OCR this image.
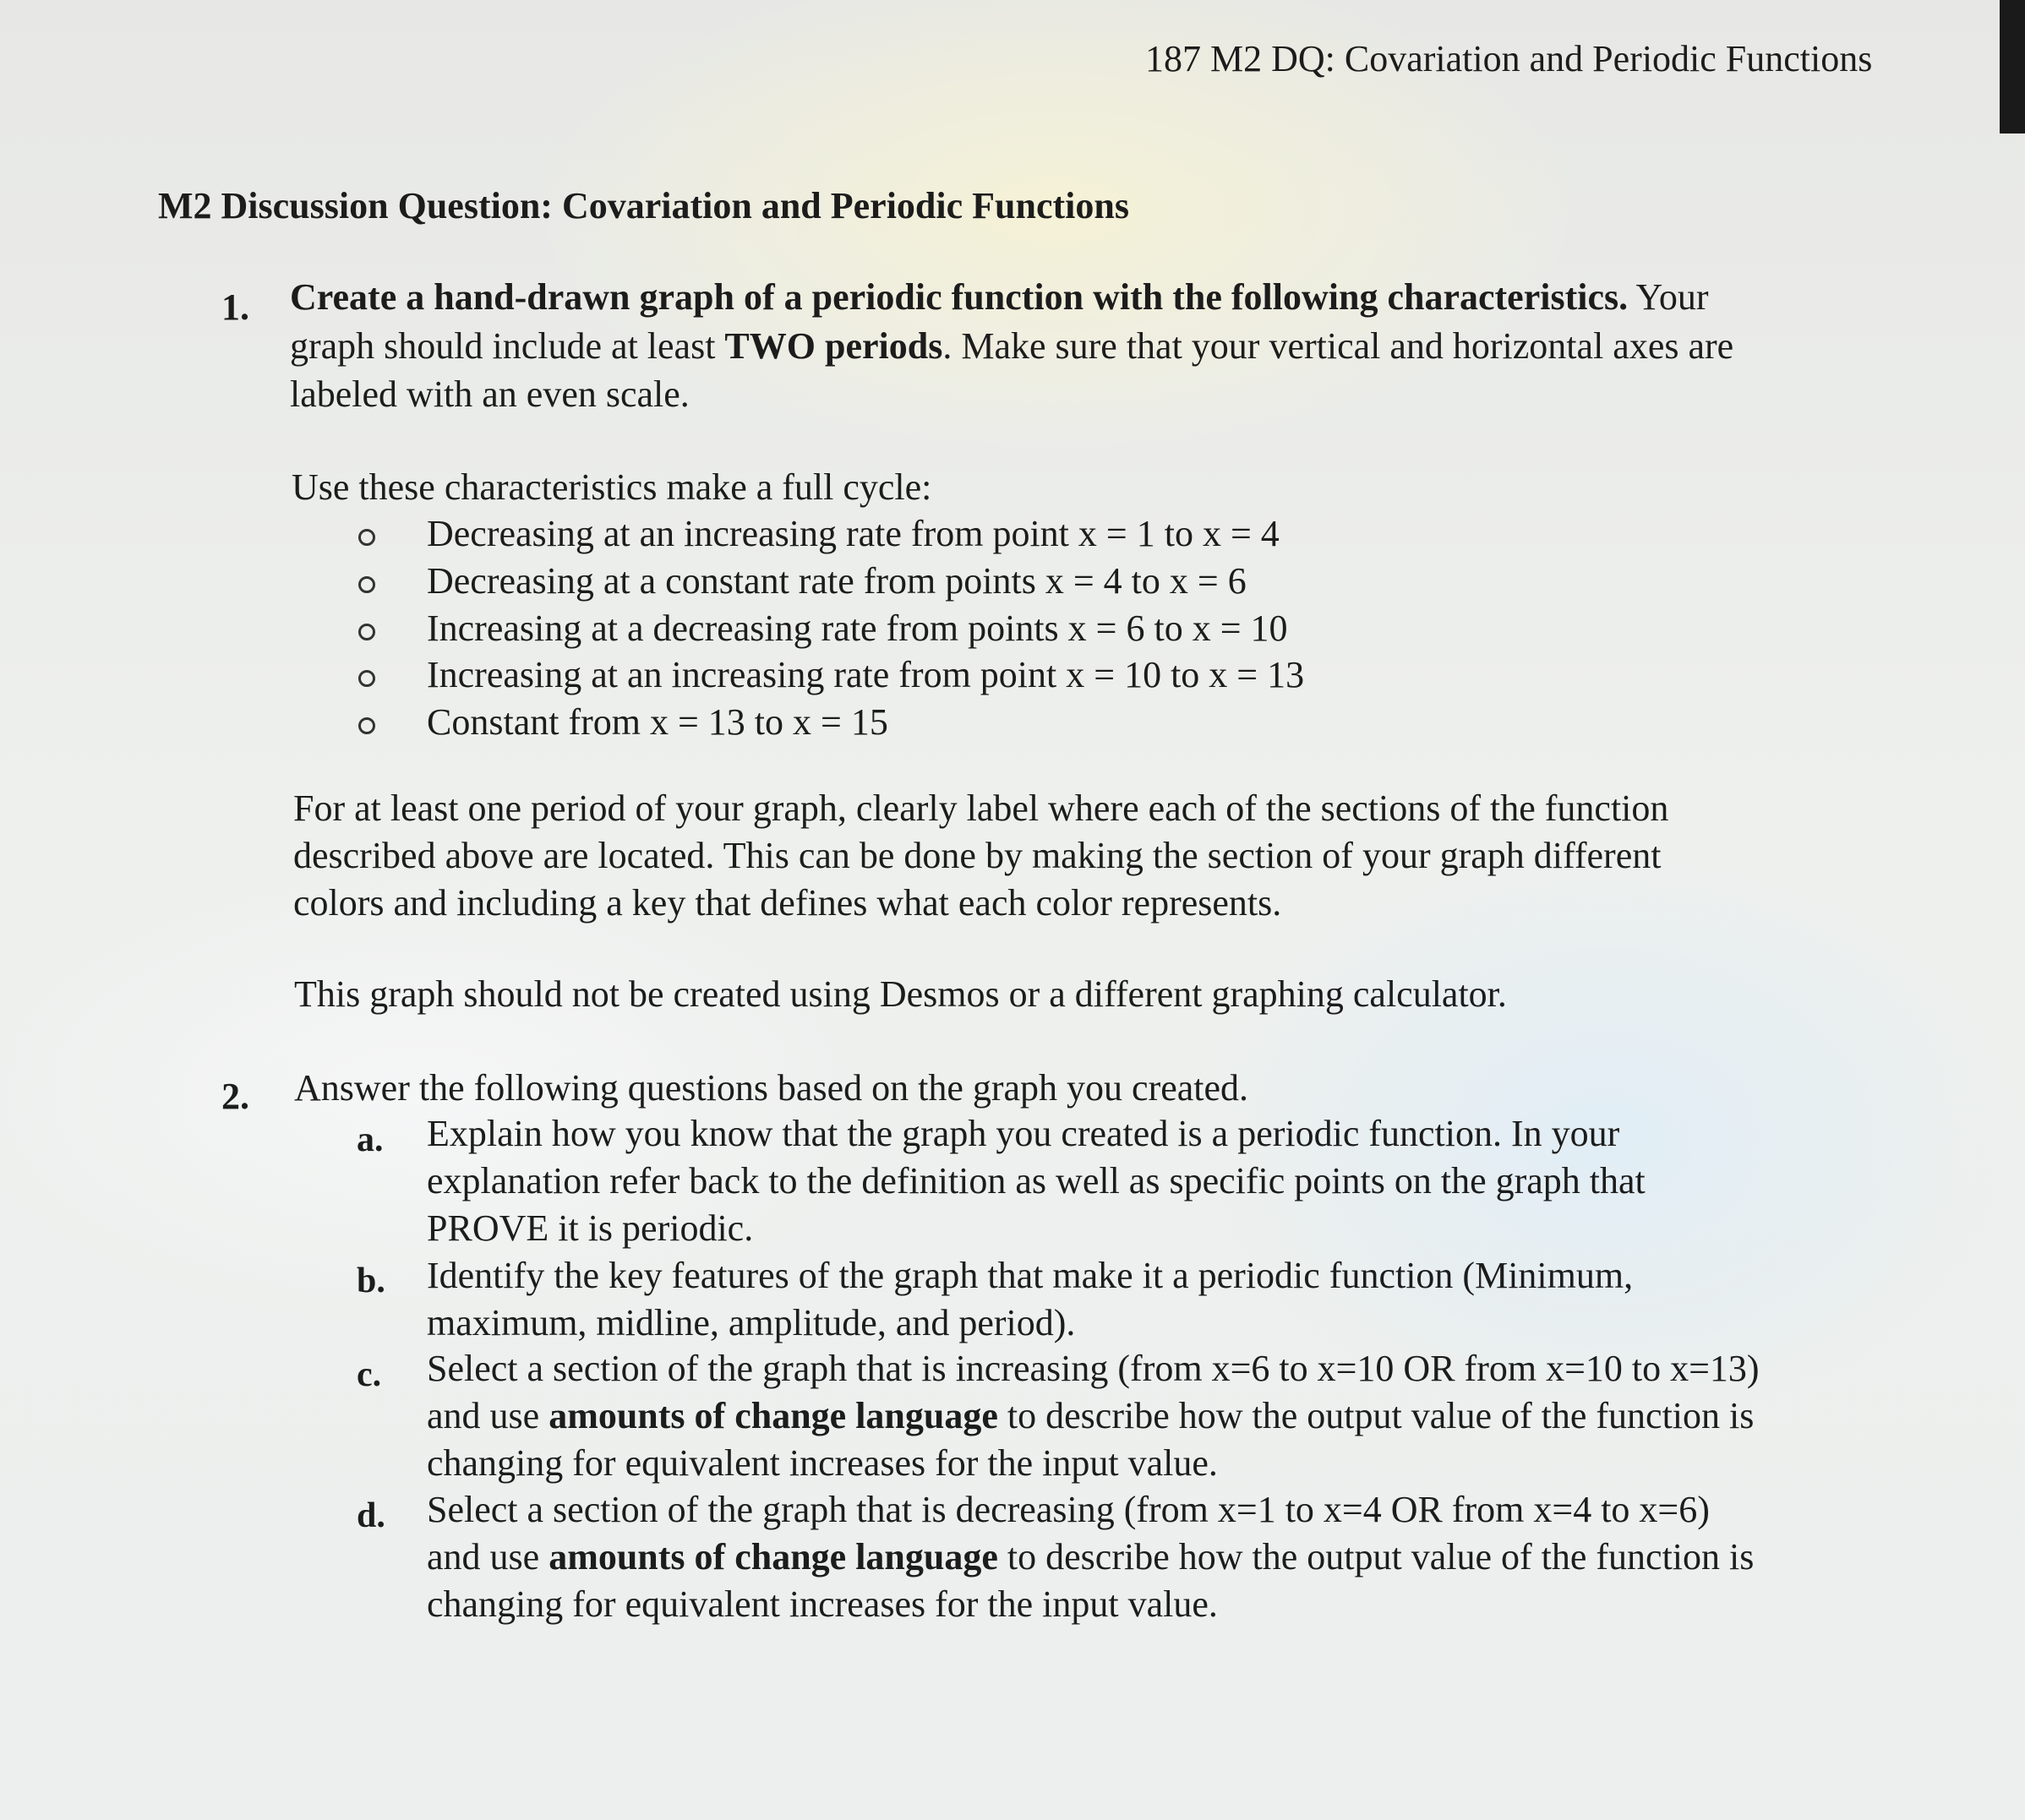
187 M2 DQ: Covariation and Periodic Functions
M2 Discussion Question: Covariation and Periodic Functions
1. Create a hand-drawn graph of a periodic function with the following characteristics. Your
graph should include at least TWO periods. Make sure that your vertical and horizontal axes are
labeled with an even scale.
Use these characteristics make a full cycle:
Decreasing at an increasing rate from point x = 1 to x = 4
Decreasing at a constant rate from points x = 4 to x = 6
Increasing at a decreasing rate from points x = 6 to x = 10
Increasing at an increasing rate from point x = 10 to x = 13
Constant from x = 13 to x = 15
For at least one period of your graph, clearly label where each of the sections of the function
described above are located. This can be done by making the section of your graph different
colors and including a key that defines what each color represents.
This graph should not be created using Desmos or a different graphing calculator.
2. Answer the following questions based on the graph you created.
a. Explain how you know that the graph you created is a periodic function. In your
explanation refer back to the definition as well as specific points on the graph that
PROVE it is periodic.
b. Identify the key features of the graph that make it a periodic function (Minimum,
maximum, midline, amplitude, and period).
c. Select a section of the graph that is increasing (from x=6 to x=10 OR from x=10 to x=13)
and use amounts of change language to describe how the output value of the function is
changing for equivalent increases for the input value.
d. Select a section of the graph that is decreasing (from x=1 to x=4 OR from x=4 to x=6)
and use amounts of change language to describe how the output value of the function is
changing for equivalent increases for the input value.
